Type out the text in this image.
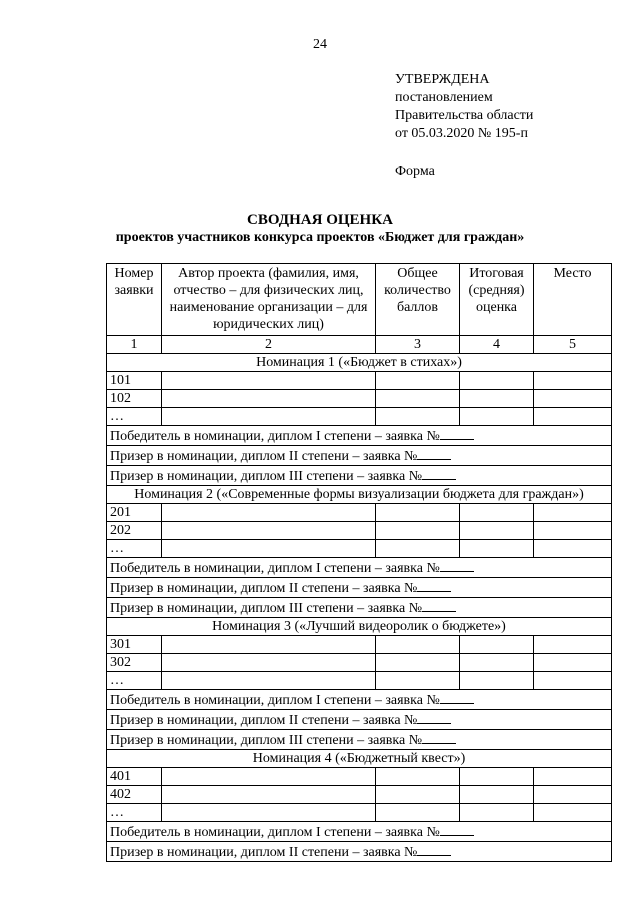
24
УТВЕРЖДЕНА
постановлением
Правительства области
от 05.03.2020 № 195-п
Форма
СВОДНАЯ ОЦЕНКА
проектов участников конкурса проектов «Бюджет для граждан»
Номер заявки	Автор проекта (фамилия, имя, отчество – для физических лиц, наименование организации – для юридических лиц)	Общее количество баллов	Итоговая (средняя) оценка	Место
1	2	3	4	5
Номинация 1 («Бюджет в стихах»)				
101				
102				
…				
Победитель в номинации, диплом I степени – заявка №				
Призер в номинации, диплом II степени – заявка №				
Призер в номинации, диплом III степени – заявка №				
Номинация 2 («Современные формы визуализации бюджета для граждан»)				
201				
202				
…				
Победитель в номинации, диплом I степени – заявка №				
Призер в номинации, диплом II степени – заявка №				
Призер в номинации, диплом III степени – заявка №				
Номинация 3 («Лучший видеоролик о бюджете»)				
301				
302				
…				
Победитель в номинации, диплом I степени – заявка №				
Призер в номинации, диплом II степени – заявка №				
Призер в номинации, диплом III степени – заявка №				
Номинация 4 («Бюджетный квест»)				
401				
402				
…				
Победитель в номинации, диплом I степени – заявка №				
Призер в номинации, диплом II степени – заявка №				
